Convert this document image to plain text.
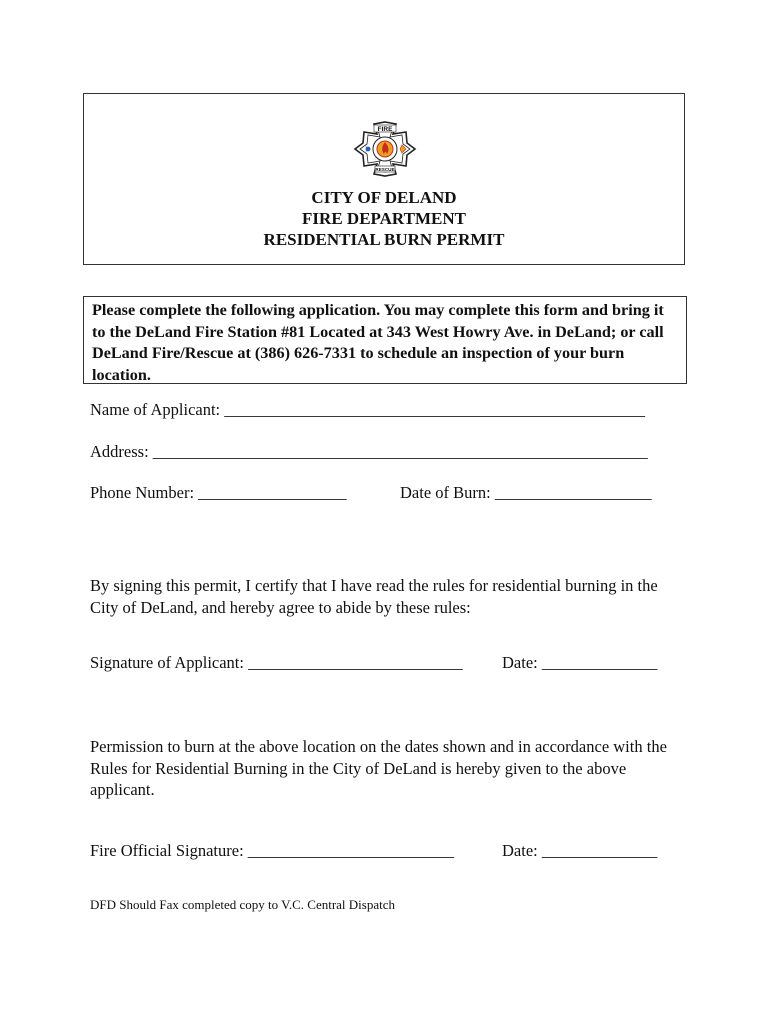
FIRE
RESCUE
CITY OF DELAND
FIRE DEPARTMENT
RESIDENTIAL BURN PERMIT
Please complete the following application. You may complete this form and bring it to the DeLand Fire Station #81 Located at 343 West Howry Ave. in DeLand; or call DeLand Fire/Rescue at (386) 626-7331 to schedule an inspection of your burn location.
Name of Applicant: ___________________________________________________
Address: ____________________________________________________________
Phone Number: __________________	Date of Burn: ___________________
By signing this permit, I certify that I have read the rules for residential burning in the City of DeLand, and hereby agree to abide by these rules:
Signature of Applicant: __________________________ Date: ______________
Permission to burn at the above location on the dates shown and in accordance with the Rules for Residential Burning in the City of DeLand is hereby given to the above applicant.
Fire Official Signature: _________________________	Date: ______________
DFD Should Fax completed copy to V.C. Central Dispatch
